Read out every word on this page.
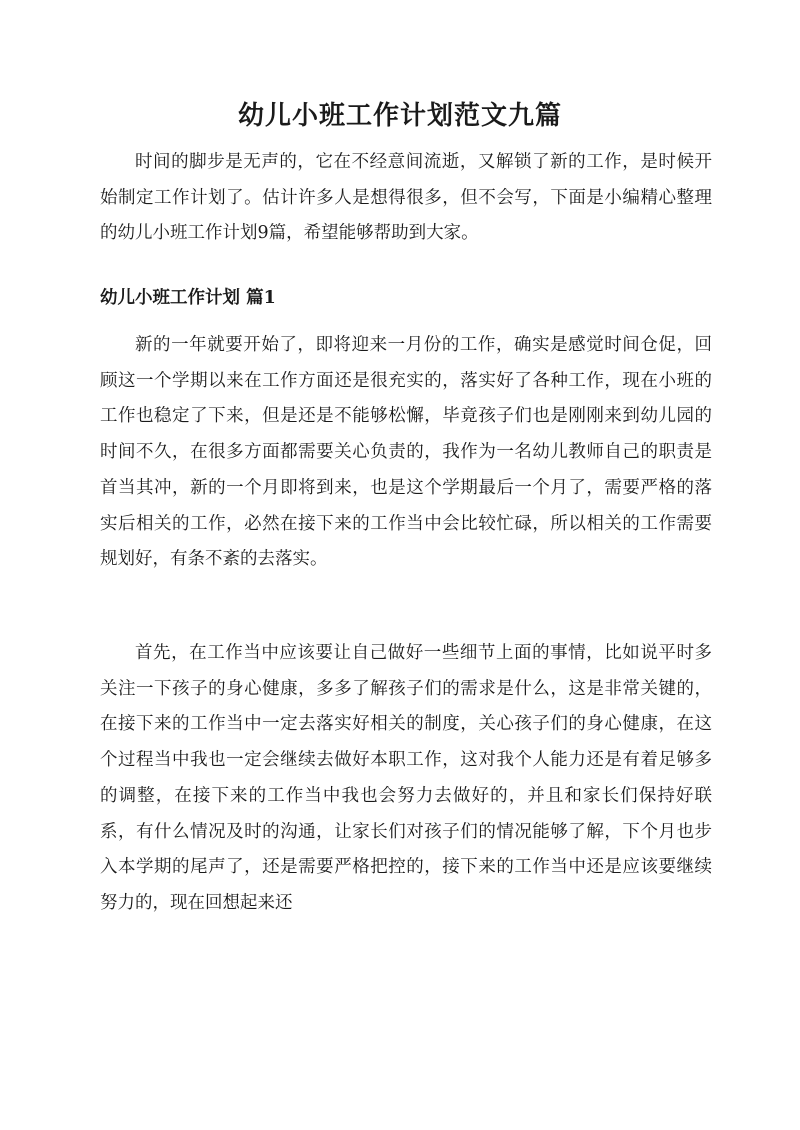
幼儿小班工作计划范文九篇

时间的脚步是无声的，它在不经意间流逝，又解锁了新的工作，是时候开始制定工作计划了。估计许多人是想得很多，但不会写，下面是小编精心整理的幼儿小班工作计划9篇，希望能够帮助到大家。

幼儿小班工作计划 篇1

新的一年就要开始了，即将迎来一月份的工作，确实是感觉时间仓促，回顾这一个学期以来在工作方面还是很充实的，落实好了各种工作，现在小班的工作也稳定了下来，但是还是不能够松懈，毕竟孩子们也是刚刚来到幼儿园的时间不久，在很多方面都需要关心负责的，我作为一名幼儿教师自己的职责是首当其冲，新的一个月即将到来，也是这个学期最后一个月了，需要严格的落实后相关的工作，必然在接下来的工作当中会比较忙碌，所以相关的工作需要规划好，有条不紊的去落实。

首先，在工作当中应该要让自己做好一些细节上面的事情，比如说平时多关注一下孩子的身心健康，多多了解孩子们的需求是什么，这是非常关键的，在接下来的工作当中一定去落实好相关的制度，关心孩子们的身心健康，在这个过程当中我也一定会继续去做好本职工作，这对我个人能力还是有着足够多的调整，在接下来的工作当中我也会努力去做好的，并且和家长们保持好联系，有什么情况及时的沟通，让家长们对孩子们的情况能够了解，下个月也步入本学期的尾声了，还是需要严格把控的，接下来的工作当中还是应该要继续努力的，现在回想起来还
